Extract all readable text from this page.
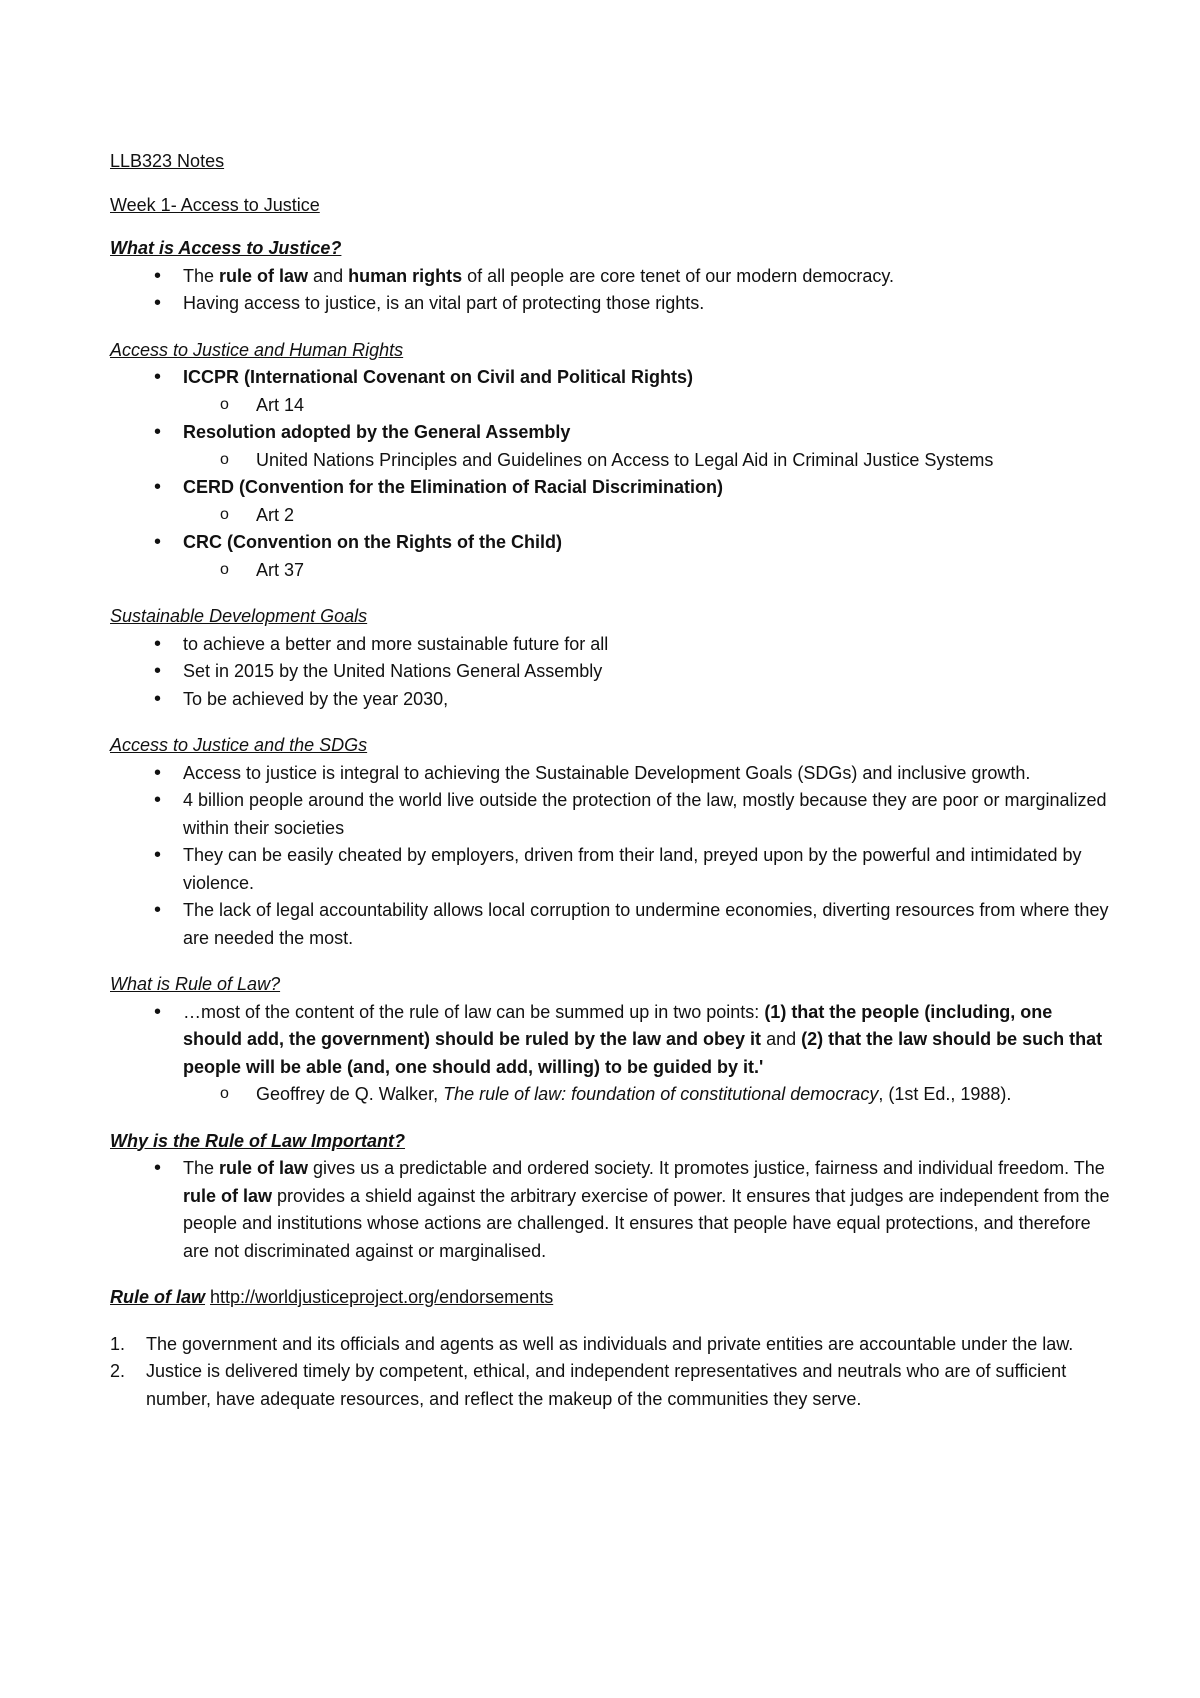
LLB323 Notes

Week 1- Access to Justice

What is Access to Justice?

• The rule of law and human rights of all people are core tenet of our modern democracy.
• Having access to justice, is an vital part of protecting those rights.

Access to Justice and Human Rights

• ICCPR (International Covenant on Civil and Political Rights)
o Art 14
• Resolution adopted by the General Assembly
o United Nations Principles and Guidelines on Access to Legal Aid in Criminal Justice Systems
• CERD (Convention for the Elimination of Racial Discrimination)
o Art 2
• CRC (Convention on the Rights of the Child)
o Art 37

Sustainable Development Goals

• to achieve a better and more sustainable future for all
• Set in 2015 by the United Nations General Assembly
• To be achieved by the year 2030,

Access to Justice and the SDGs

• Access to justice is integral to achieving the Sustainable Development Goals (SDGs) and inclusive growth.
• 4 billion people around the world live outside the protection of the law, mostly because they are poor or marginalized within their societies
• They can be easily cheated by employers, driven from their land, preyed upon by the powerful and intimidated by violence.
• The lack of legal accountability allows local corruption to undermine economies, diverting resources from where they are needed the most.

What is Rule of Law?

• …most of the content of the rule of law can be summed up in two points: (1) that the people (including, one should add, the government) should be ruled by the law and obey it and (2) that the law should be such that people will be able (and, one should add, willing) to be guided by it.'
o Geoffrey de Q. Walker, The rule of law: foundation of constitutional democracy, (1st Ed., 1988).

Why is the Rule of Law Important?

• The rule of law gives us a predictable and ordered society. It promotes justice, fairness and individual freedom. The rule of law provides a shield against the arbitrary exercise of power. It ensures that judges are independent from the people and institutions whose actions are challenged. It ensures that people have equal protections, and therefore are not discriminated against or marginalised.

Rule of law http://worldjusticeproject.org/endorsements

1. The government and its officials and agents as well as individuals and private entities are accountable under the law.
2. Justice is delivered timely by competent, ethical, and independent representatives and neutrals who are of sufficient number, have adequate resources, and reflect the makeup of the communities they serve.
